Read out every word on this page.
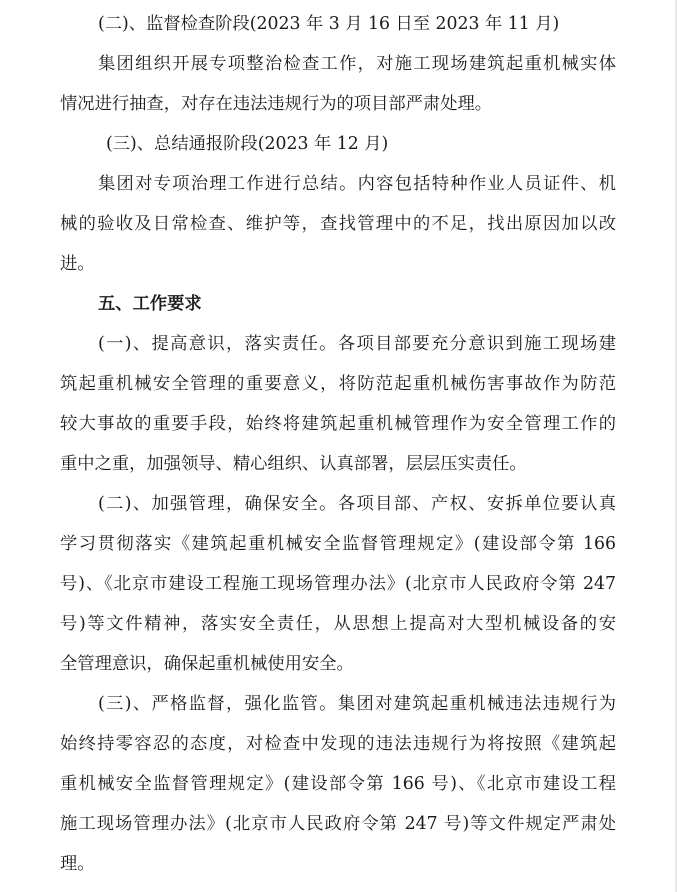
(二)、监督检查阶段(2023 年 3 月 16 日至 2023 年 11 月)
集团组织开展专项整治检查工作，对施工现场建筑起重机械实体
情况进行抽查，对存在违法违规行为的项目部严肃处理。
(三)、总结通报阶段(2023 年 12 月)
集团对专项治理工作进行总结。内容包括特种作业人员证件、机
械的验收及日常检查、维护等，查找管理中的不足，找出原因加以改
进。
五、工作要求
(一)、提高意识，落实责任。各项目部要充分意识到施工现场建
筑起重机械安全管理的重要意义，将防范起重机械伤害事故作为防范
较大事故的重要手段，始终将建筑起重机械管理作为安全管理工作的
重中之重，加强领导、精心组织、认真部署，层层压实责任。
(二)、加强管理，确保安全。各项目部、产权、安拆单位要认真
学习贯彻落实《建筑起重机械安全监督管理规定》(建设部令第 166
号)、《北京市建设工程施工现场管理办法》(北京市人民政府令第 247
号)等文件精神，落实安全责任，从思想上提高对大型机械设备的安
全管理意识，确保起重机械使用安全。
(三)、严格监督，强化监管。集团对建筑起重机械违法违规行为
始终持零容忍的态度，对检查中发现的违法违规行为将按照《建筑起
重机械安全监督管理规定》(建设部令第 166 号)、《北京市建设工程
施工现场管理办法》(北京市人民政府令第 247 号)等文件规定严肃处
理。
